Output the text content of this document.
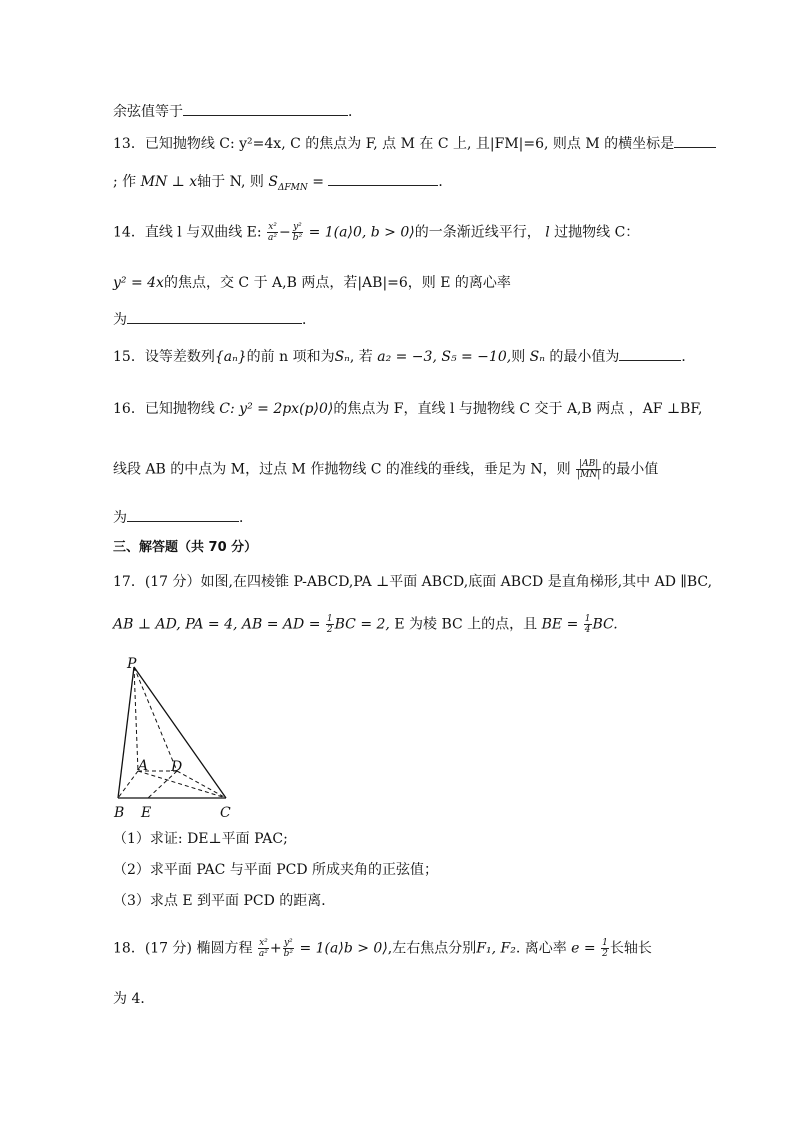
余弦值等于	．
13．已知抛物线 C: y²=4x, C 的焦点为 F, 点 M 在 C 上, 且|FM|=6, 则点 M 的横坐标是
; 作 MN ⊥ x轴于 N, 则 $S_{\Delta FMN}$ =	．
14．直线 l 与双曲线 E: $\frac{\text{x²}}{\text{a²}} - \frac{\text{y²}}{\text{b²}}$ = 1(a⟩0, b > 0⟩的一条渐近线平行， l 过抛物线 C：
y² = 4x的焦点，交 C 于 A,B 两点，若|AB|=6，则 E 的离心率
为	．
15．设等差数列{aₙ}的前 n 项和为Sₙ, 若 a₂ = −3, S₅ = −10,则 Sₙ 的最小值为	．
16．已知抛物线 C: y² = 2px(p⟩0⟩的焦点为 F，直线 l 与抛物线 C 交于 A,B 两点 ，AF ⊥BF,
线段 AB 的中点为 M，过点 M 作抛物线 C 的准线的垂线，垂足为 N，则 $\frac{|AB|}{|MN|}$ 的最小值
为	．
三、解答题（共 70 分）
17．(17 分）如图,在四棱锥 P-ABCD,PA ⊥平面 ABCD,底面 ABCD 是直角梯形,其中 AD ∥BC,
AB ⊥ AD, PA = 4, AB = AD = $\frac{1}{2}$ BC = 2, E 为棱 BC 上的点，且 BE = $\frac{1}{4}$ BC.
P
A D
B E	C
（1）求证: DE⊥平面 PAC;
（2）求平面 PAC 与平面 PCD 所成夹角的正弦值；
（3）求点 E 到平面 PCD 的距离．
18．(17 分) 椭圆方程 $\frac{\text{x²}}{\text{a²}} + \frac{\text{y²}}{\text{b²}}$ = 1(a⟩b > 0⟩,左右焦点分别F₁, F₂. 离心率 $e = \frac{1}{2}$ 长轴长
为 4．
